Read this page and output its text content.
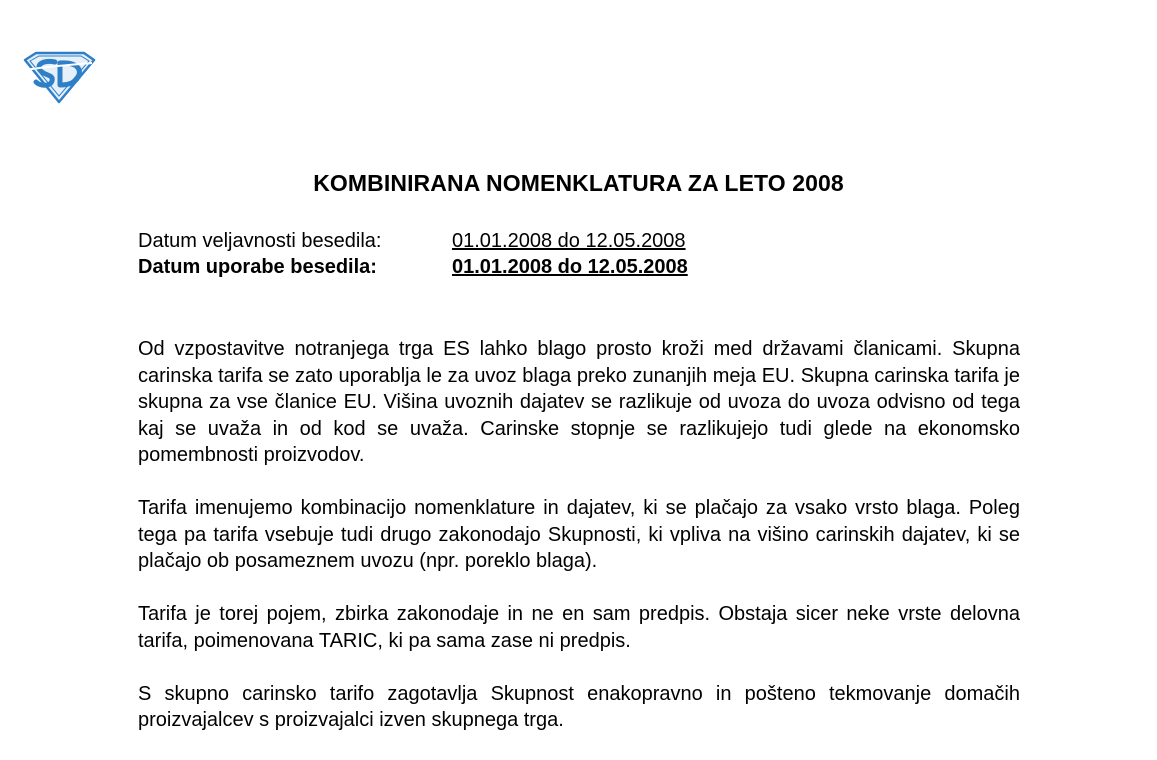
KOMBINIRANA NOMENKLATURA ZA LETO 2008
Datum veljavnosti besedila:	01.01.2008 do 12.05.2008
Datum uporabe besedila:	01.01.2008 do 12.05.2008

Od vzpostavitve notranjega trga ES lahko blago prosto kroži med državami članicami. Skupna carinska tarifa se zato uporablja le za uvoz blaga preko zunanjih meja EU. Skupna carinska tarifa je skupna za vse članice EU. Višina uvoznih dajatev se razlikuje od uvoza do uvoza odvisno od tega kaj se uvaža in od kod se uvaža. Carinske stopnje se razlikujejo tudi glede na ekonomsko pomembnosti proizvodov.

Tarifa imenujemo kombinacijo nomenklature in dajatev, ki se plačajo za vsako vrsto blaga. Poleg tega pa tarifa vsebuje tudi drugo zakonodajo Skupnosti, ki vpliva na višino carinskih dajatev, ki se plačajo ob posameznem uvozu (npr. poreklo blaga).

Tarifa je torej pojem, zbirka zakonodaje in ne en sam predpis. Obstaja sicer neke vrste delovna tarifa, poimenovana TARIC, ki pa sama zase ni predpis.

S skupno carinsko tarifo zagotavlja Skupnost enakopravno in pošteno tekmovanje domačih proizvajalcev s proizvajalci izven skupnega trga.
